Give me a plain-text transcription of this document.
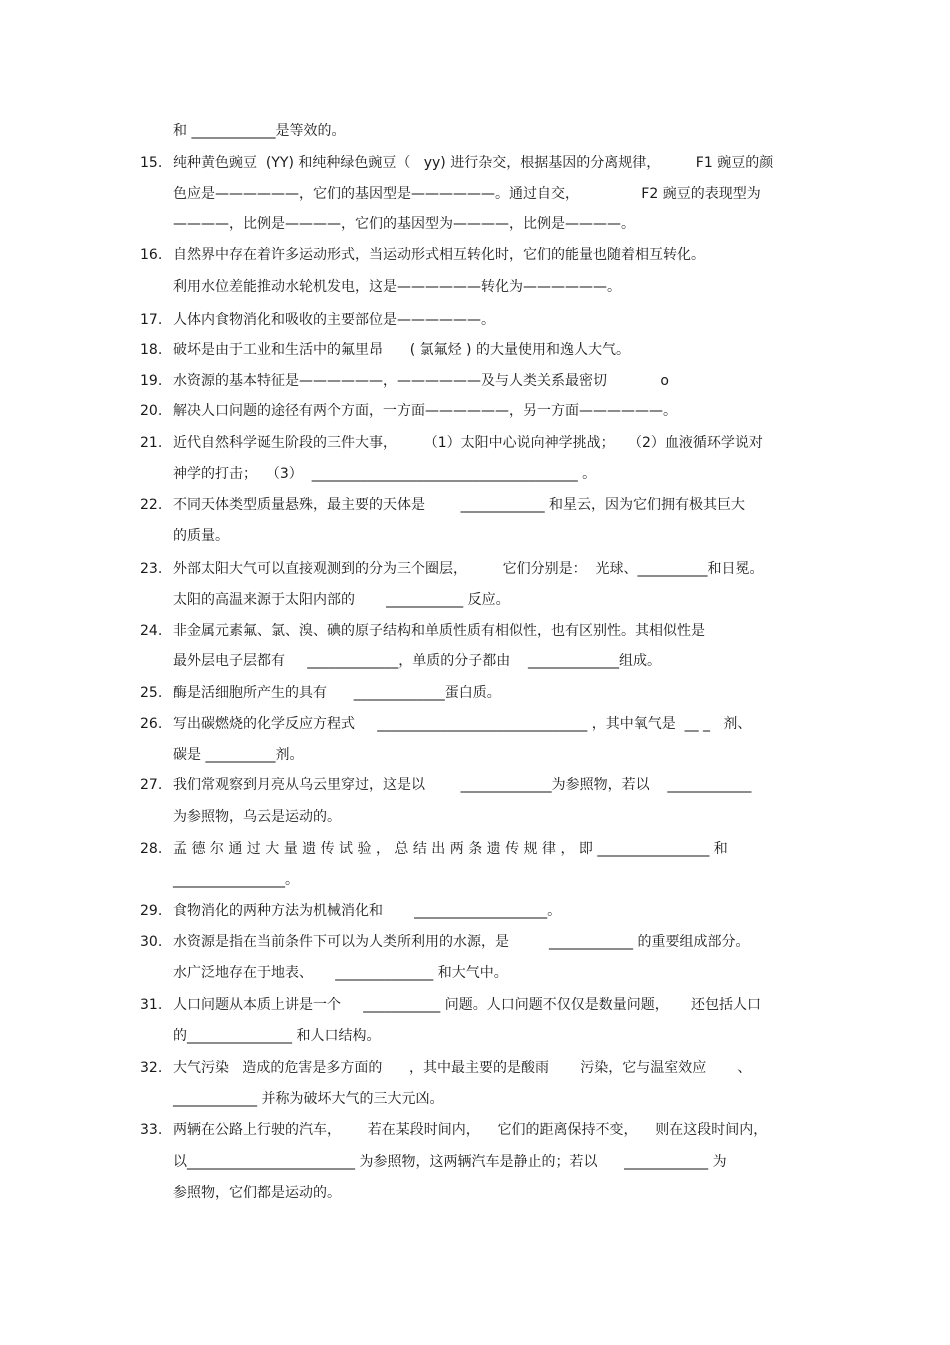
和 ____________是等效的。
15. 纯种黄色豌豆  (YY) 和纯种绿色豌豆（   yy) 进行杂交，根据基因的分离规律，        F1 豌豆的颜
色应是——————，它们的基因型是——————。通过自交，              F2 豌豆的表现型为
————，比例是————，它们的基因型为————，比例是————。
16. 自然界中存在着许多运动形式，当运动形式相互转化时，它们的能量也随着相互转化。
利用水位差能推动水轮机发电，这是——————转化为——————。
17. 人体内食物消化和吸收的主要部位是——————。
18. 破坏是由于工业和生活中的氟里昂      ( 氯氟烃 ) 的大量使用和逸人大气。
19. 水资源的基本特征是——————，——————及与人类关系最密切            o
20. 解决人口问题的途径有两个方面，一方面——————，另一方面——————。
21. 近代自然科学诞生阶段的三件大事，      （1）太阳中心说向神学挑战；   （2）血液循环学说对
神学的打击；  （3）  ______________________________________ 。
22. 不同天体类型质量悬殊，最主要的天体是        ____________ 和星云，因为它们拥有极其巨大
的质量。
23. 外部太阳大气可以直接观测到的分为三个圈层，        它们分别是：  光球、__________和日冕。
太阳的高温来源于太阳内部的       ___________ 反应。
24. 非金属元素氟、氯、溴、碘的原子结构和单质性质有相似性，也有区别性。其相似性是
最外层电子层都有     _____________，单质的分子都由    _____________组成。
25. 酶是活细胞所产生的具有      _____________蛋白质。
26. 写出碳燃烧的化学反应方程式     ______________________________ ，其中氧气是  __ _   剂、
碳是 __________剂。
27. 我们常观察到月亮从乌云里穿过，这是以        _____________为参照物，若以    ____________
为参照物，乌云是运动的。
28. 孟 德 尔 通 过 大 量 遗 传 试 验 ， 总 结 出 两 条 遗 传 规 律 ， 即 ________________ 和
________________。
29. 食物消化的两种方法为机械消化和       ___________________。
30. 水资源是指在当前条件下可以为人类所利用的水源，是         ____________ 的重要组成部分。
水广泛地存在于地表、     ______________ 和大气中。
31. 人口问题从本质上讲是一个     ___________ 问题。人口问题不仅仅是数量问题，     还包括人口
的_______________ 和人口结构。
32. 大气污染   造成的危害是多方面的      ，其中最主要的是酸雨       污染，它与温室效应       、
____________ 并称为破坏大气的三大元凶。
33. 两辆在公路上行驶的汽车，      若在某段时间内，    它们的距离保持不变，    则在这段时间内，
以________________________ 为参照物，这两辆汽车是静止的；若以      ____________ 为
参照物，它们都是运动的。
